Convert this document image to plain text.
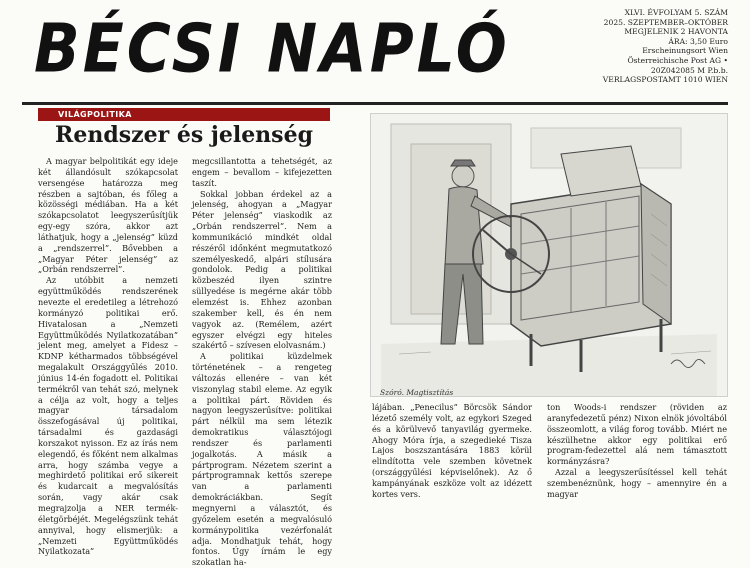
BÉCSI NAPLÓ	XLVI. ÉVFOLYAM 5. SZÁM
2025. SZEPTEMBER–OKTÓBER
MEGJELENIK 2 HAVONTA
ÁRA: 3,50 Euro
Erscheinungsort Wien
Österreichische Post AG •
20Z042085 M P.b.b.
VERLAGSPOSTAMT 1010 WIEN
VILÁGPOLITIKA
Rendszer és jelenség

A magyar belpolitikát egy ideje két állandósult szókapcsolat versengése határozza meg részben a sajtóban, és főleg a közösségi médiában. Ha a két szókapcsolatot leegyszerűsítjük egy-egy szóra, akkor azt láthatjuk, hogy a „jelenség” küzd a „rendszerrel”. Bővebben a „Magyar Péter jelenség” az „Orbán rendszerrel”.

Az utóbbit a nemzeti együttműködés rendszerének nevezte el eredetileg a létrehozó kormányzó politikai erő. Hivatalosan a „Nemzeti Együttműködés Nyilatkozatában” jelent meg, amelyet a Fidesz –KDNP kétharmados többségével megalakult Országgyűlés 2010. június 14-én fogadott el. Politikai termékről van tehát szó, melynek a célja az volt, hogy a teljes magyar társadalom összefogásával új politikai, társadalmi és gazdasági korszakot nyisson. Ez az írás nem elegendő, és főként nem alkalmas arra, hogy számba vegye a meghirdető politikai erő sikereit és kudarcait a megvalósítás során, vagy akár csak megrajzolja a NER termék-életgörbéjét. Megelégszünk tehát annyival, hogy elismerjük: a „Nemzeti Együttműködés Nyilatkozata”

megcsillantotta a tehetségét, az engem – bevallom – kifejezetten taszít.

Sokkal jobban érdekel az a jelenség, ahogyan a „Magyar Péter jelenség” viaskodik az „Orbán rendszerrel”. Nem a kommunikáció mindkét oldal részéről időnként megmutatkozó személyeskedő, alpári stílusára gondolok. Pedig a politikai közbeszéd ilyen szintre süllyedése is megérne akár több elemzést is. Ehhez azonban szakember kell, és én nem vagyok az. (Remélem, azért egyszer elvégzi egy hiteles szakértő – szívesen elolvasnám.)

A politikai küzdelmek történetének – a rengeteg változás ellenére – van két viszonylag stabil eleme. Az egyik a politikai párt. Röviden és nagyon leegyszerűsítve: politikai párt nélkül ma sem létezik demokratikus választójogi rendszer és parlamenti jogalkotás. A másik a pártprogram. Nézetem szerint a pártprogramnak kettős szerepe van a parlamenti demokráciákban. Segít megnyerni a választót, és győzelem esetén a megvalósuló kormánypolitika vezérfonalát adja. Mondhatjuk tehát, hogy fontos. Úgy írnám le egy szokatlan ha-

Szóró. Magtisztítás

lájában. „Penecilus” Börcsök Sándor lézető személy volt, az egykori Szeged és a körülvevő tanyavilág gyermeke. Ahogy Móra írja, a szegedieké Tisza Lajos boszszantására 1883 körül elindította vele szemben követnek (országgyűlési képviselőnek). Az ő kampányának eszköze volt az idézett kortes vers.

ton Woods-i rendszer (röviden az aranyfedezetű pénz) Nixon elnök jóvoltából összeomlott, a világ forog tovább. Miért ne készülhetne akkor egy politikai erő program-fedezettel alá nem támasztott kormányzásra?

Azzal a leegyszerűsítéssel kell tehát szembenéznünk, hogy – amennyire én a magyar
